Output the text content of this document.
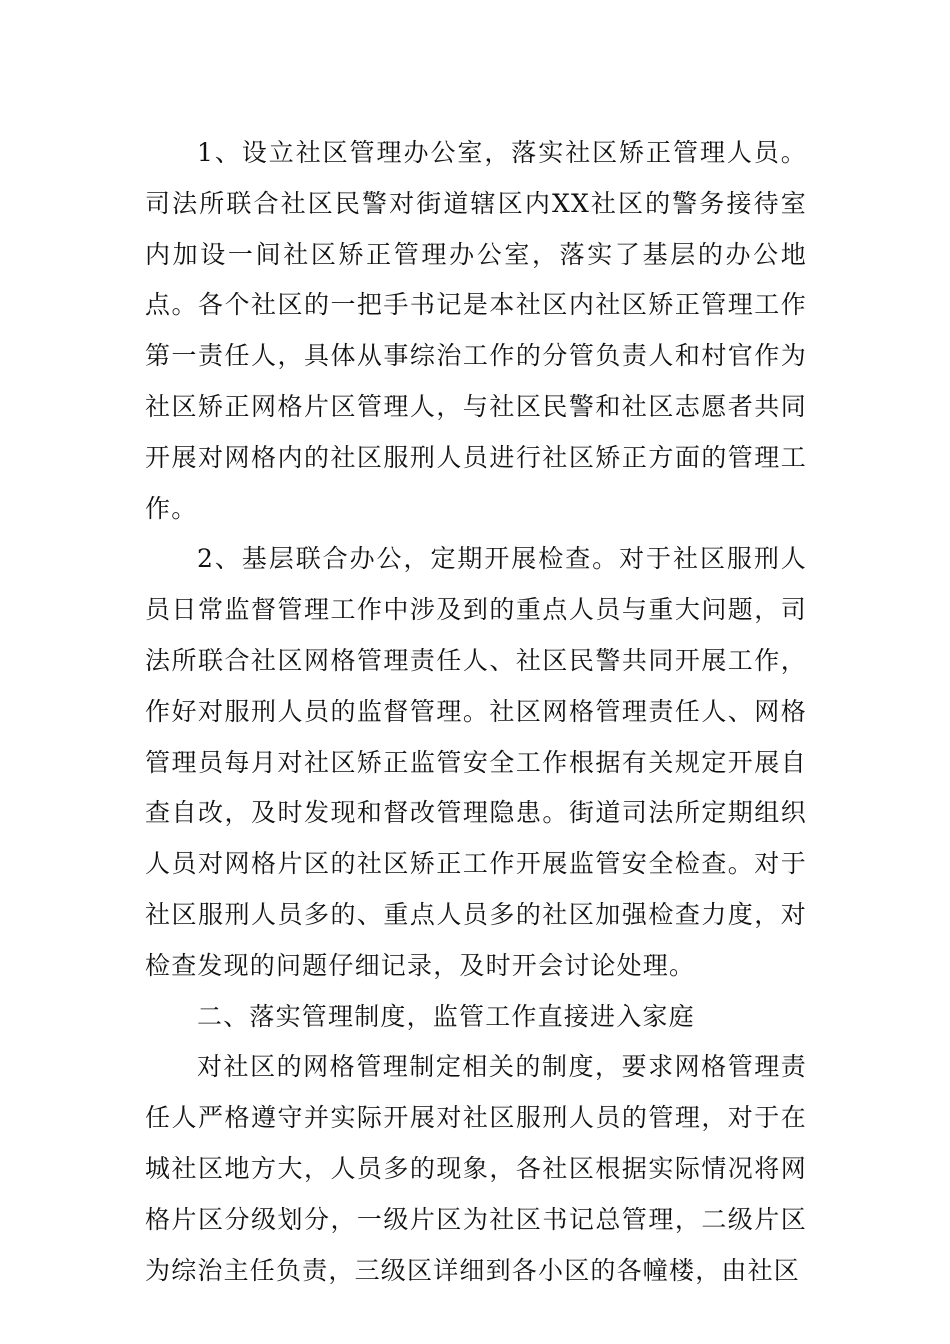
1、设立社区管理办公室，落实社区矫正管理人员。司法所联合社区民警对街道辖区内XX社区的警务接待室内加设一间社区矫正管理办公室，落实了基层的办公地点。各个社区的一把手书记是本社区内社区矫正管理工作第一责任人，具体从事综治工作的分管负责人和村官作为社区矫正网格片区管理人，与社区民警和社区志愿者共同开展对网格内的社区服刑人员进行社区矫正方面的管理工作。

2、基层联合办公，定期开展检查。对于社区服刑人员日常监督管理工作中涉及到的重点人员与重大问题，司法所联合社区网格管理责任人、社区民警共同开展工作，作好对服刑人员的监督管理。社区网格管理责任人、网格管理员每月对社区矫正监管安全工作根据有关规定开展自查自改，及时发现和督改管理隐患。街道司法所定期组织人员对网格片区的社区矫正工作开展监管安全检查。对于社区服刑人员多的、重点人员多的社区加强检查力度，对检查发现的问题仔细记录，及时开会讨论处理。

二、落实管理制度，监管工作直接进入家庭

对社区的网格管理制定相关的制度，要求网格管理责任人严格遵守并实际开展对社区服刑人员的管理，对于在城社区地方大，人员多的现象，各社区根据实际情况将网格片区分级划分，一级片区为社区书记总管理，二级片区为综治主任负责，三级区详细到各小区的各幢楼，由社区
